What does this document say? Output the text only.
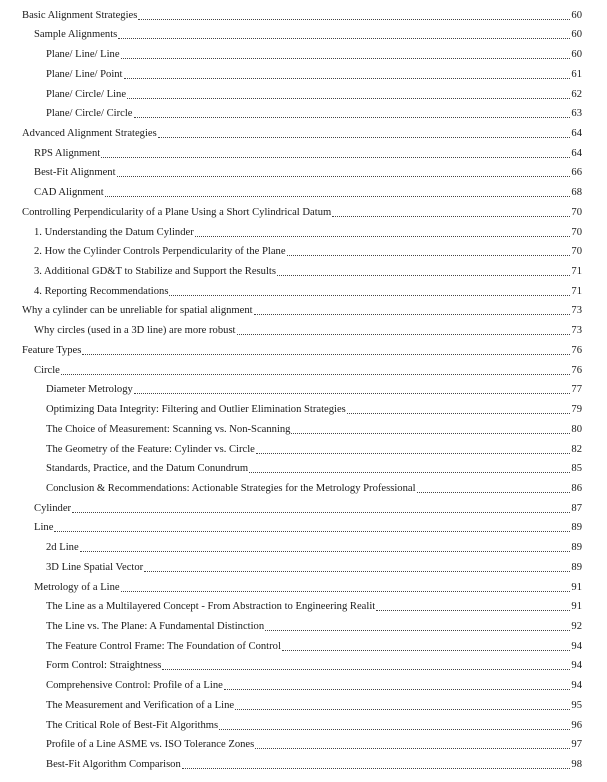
Basic Alignment Strategies	60
Sample Alignments	60
Plane/ Line/ Line	60
Plane/ Line/ Point	61
Plane/ Circle/ Line	62
Plane/ Circle/ Circle	63
Advanced Alignment Strategies	64
RPS Alignment	64
Best-Fit Alignment	66
CAD Alignment	68
Controlling Perpendicularity of a Plane Using a Short Cylindrical Datum	70
1. Understanding the Datum Cylinder	70
2. How the Cylinder Controls Perpendicularity of the Plane	70
3. Additional GD&T to Stabilize and Support the Results	71
4. Reporting Recommendations	71
Why a cylinder can be unreliable for spatial alignment	73
Why circles (used in a 3D line) are more robust	73
Feature Types	76
Circle	76
Diameter Metrology	77
Optimizing Data Integrity: Filtering and Outlier Elimination Strategies	79
The Choice of Measurement: Scanning vs. Non-Scanning	80
The Geometry of the Feature: Cylinder vs. Circle	82
Standards, Practice, and the Datum Conundrum	85
Conclusion & Recommendations: Actionable Strategies for the Metrology Professional	86
Cylinder	87
Line	89
2d Line	89
3D Line Spatial Vector	89
Metrology of a Line	91
The Line as a Multilayered Concept - From Abstraction to Engineering Realit	91
The Line vs. The Plane: A Fundamental Distinction	92
The Feature Control Frame: The Foundation of Control	94
Form Control: Straightness	94
Comprehensive Control: Profile of a Line	94
The Measurement and Verification of a Line	95
The Critical Role of Best-Fit Algorithms	96
Profile of a Line ASME vs. ISO Tolerance Zones	97
Best-Fit Algorithm Comparison	98
